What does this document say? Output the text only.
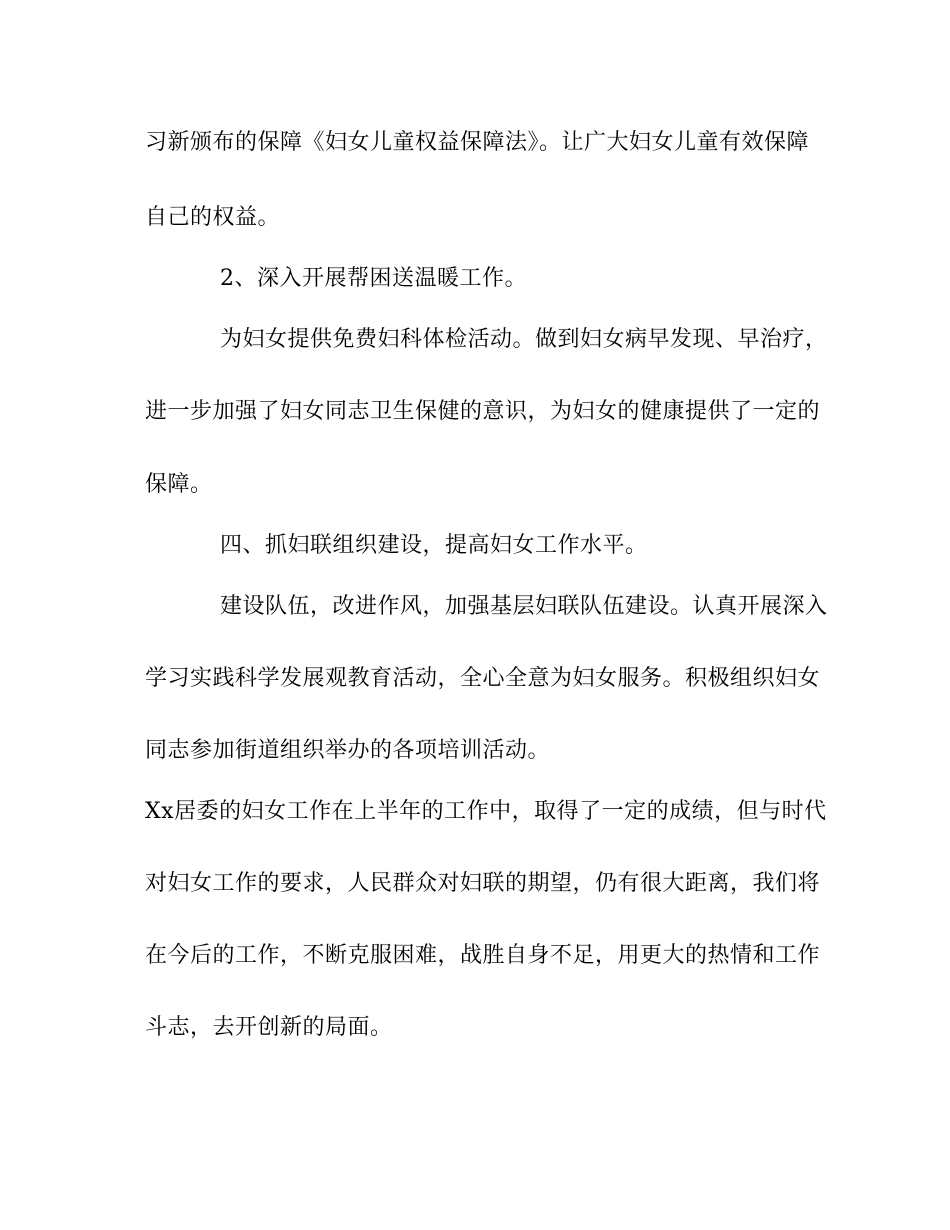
习新颁布的保障《妇女儿童权益保障法》。让广大妇女儿童有效保障
自己的权益。
2、深入开展帮困送温暖工作。
为妇女提供免费妇科体检活动。做到妇女病早发现、早治疗，
进一步加强了妇女同志卫生保健的意识，为妇女的健康提供了一定的
保障。
四、抓妇联组织建设，提高妇女工作水平。
建设队伍，改进作风，加强基层妇联队伍建设。认真开展深入
学习实践科学发展观教育活动，全心全意为妇女服务。积极组织妇女
同志参加街道组织举办的各项培训活动。
Xx居委的妇女工作在上半年的工作中，取得了一定的成绩，但与时代
对妇女工作的要求，人民群众对妇联的期望，仍有很大距离，我们将
在今后的工作，不断克服困难，战胜自身不足，用更大的热情和工作
斗志，去开创新的局面。
